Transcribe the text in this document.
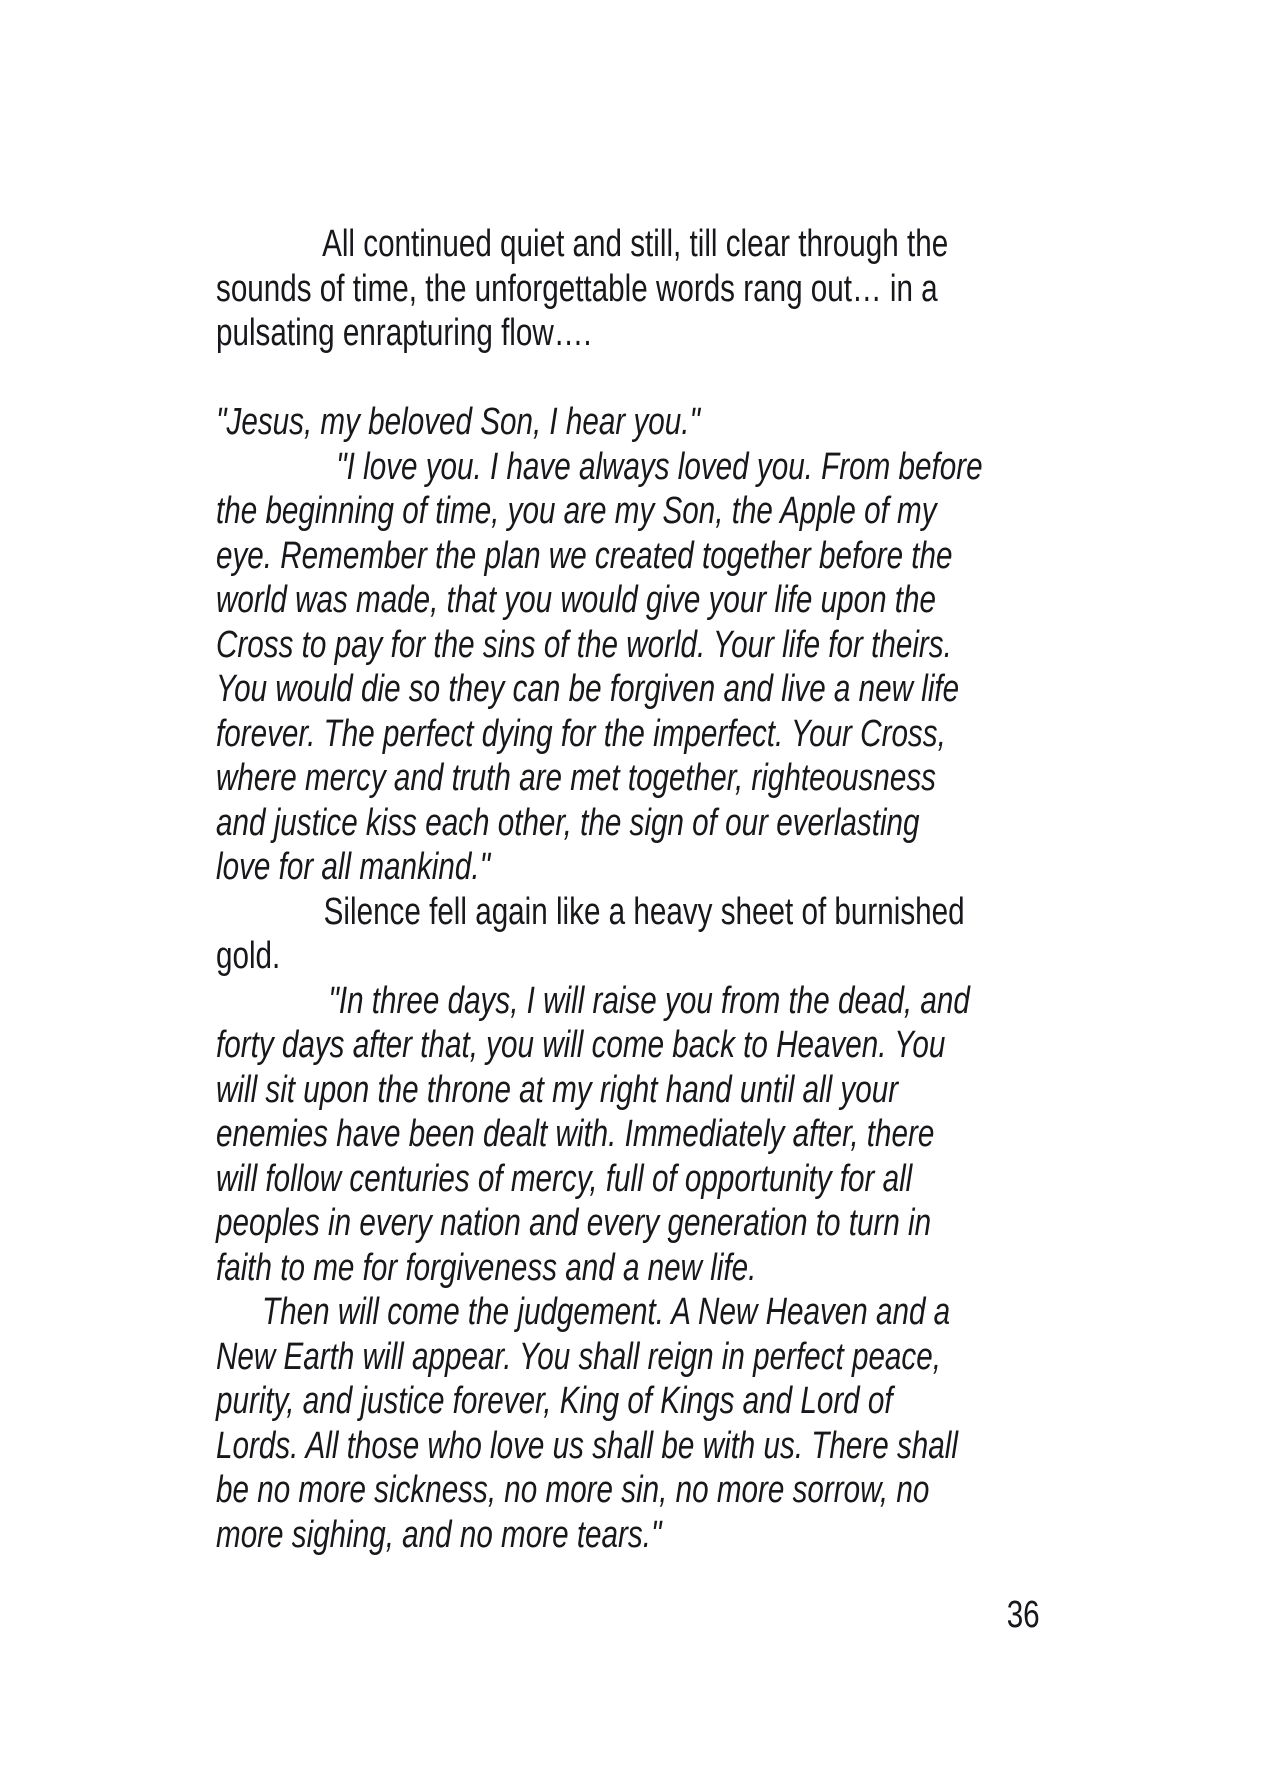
All continued quiet and still, till clear through the
sounds of time, the unforgettable words rang out… in a
pulsating enrapturing flow….
"Jesus, my beloved Son, I hear you."
"I love you. I have always loved you. From before
the beginning of time, you are my Son, the Apple of my
eye. Remember the plan we created together before the
world was made, that you would give your life upon the
Cross to pay for the sins of the world. Your life for theirs.
You would die so they can be forgiven and live a new life
forever. The perfect dying for the imperfect. Your Cross,
where mercy and truth are met together, righteousness
and justice kiss each other, the sign of our everlasting
love for all mankind."
Silence fell again like a heavy sheet of burnished
gold.
"In three days, I will raise you from the dead, and
forty days after that, you will come back to Heaven. You
will sit upon the throne at my right hand until all your
enemies have been dealt with. Immediately after, there
will follow centuries of mercy, full of opportunity for all
peoples in every nation and every generation to turn in
faith to me for forgiveness and a new life.
Then will come the judgement. A New Heaven and a
New Earth will appear. You shall reign in perfect peace,
purity, and justice forever, King of Kings and Lord of
Lords. All those who love us shall be with us. There shall
be no more sickness, no more sin, no more sorrow, no
more sighing, and no more tears."
36
